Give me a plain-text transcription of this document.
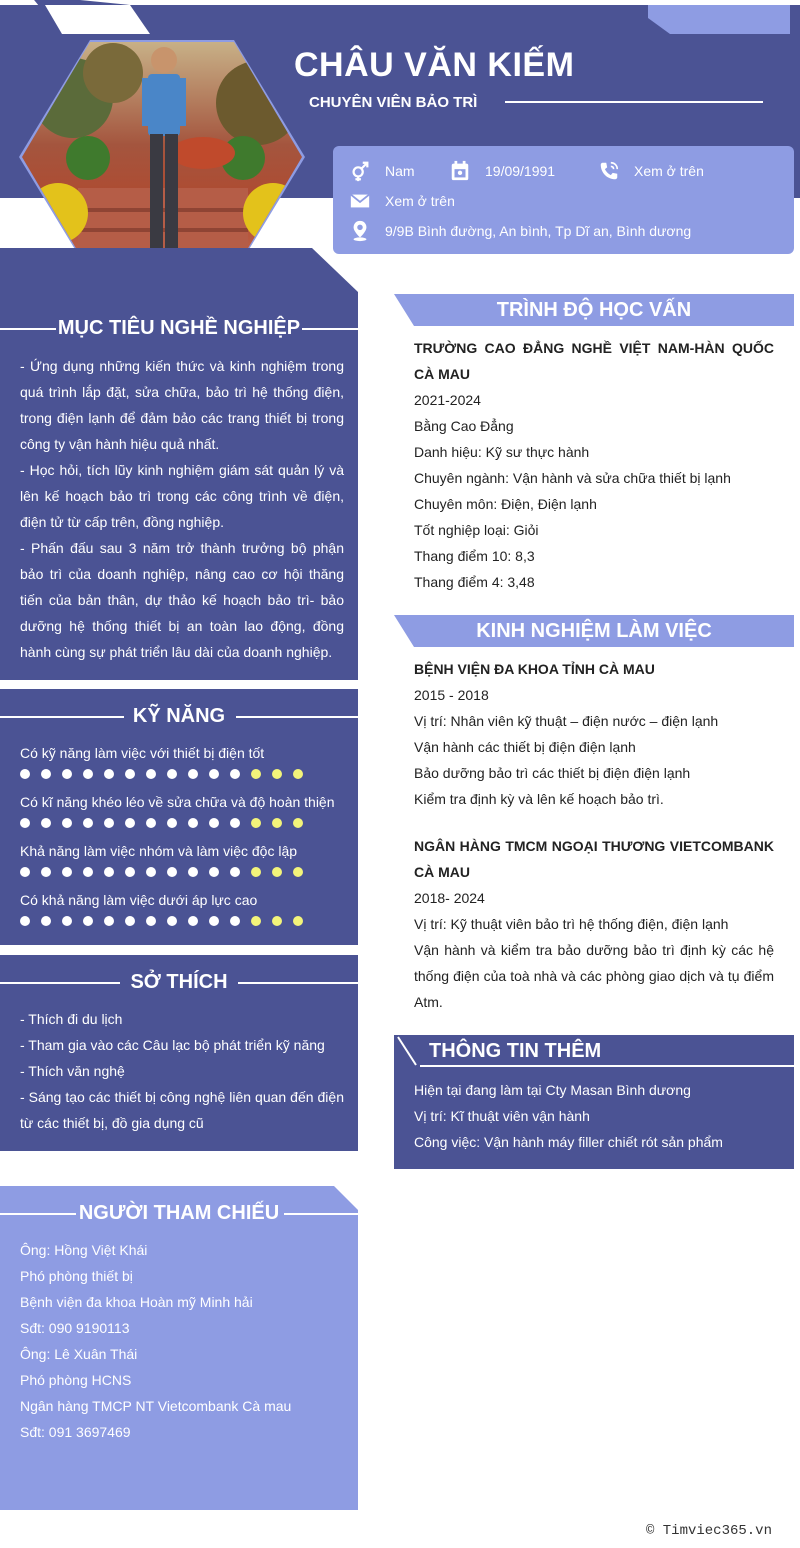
CHÂU VĂN KIẾM
CHUYÊN VIÊN BẢO TRÌ
Nam	19/09/1991	Xem ở trên
Xem ở trên
9/9B Bình đường, An bình, Tp Dĩ an, Bình dương
MỤC TIÊU NGHỀ NGHIỆP

- Ứng dụng những kiến thức và kinh nghiệm trong quá trình lắp đặt, sửa chữa, bảo trì hệ thống điện, trong điện lạnh để đảm bảo các trang thiết bị trong công ty vận hành hiệu quả nhất.

- Học hỏi, tích lũy kinh nghiệm giám sát quản lý và lên kế hoạch bảo trì trong các công trình về điện, điện tử từ cấp trên, đồng nghiệp.

- Phấn đấu sau 3 năm trở thành trưởng bộ phận bảo trì của doanh nghiệp, nâng cao cơ hội thăng tiến của bản thân, dự thảo kế hoạch bảo trì- bảo dưỡng hệ thống thiết bị an toàn lao động, đồng hành cùng sự phát triển lâu dài của doanh nghiệp.

KỸ NĂNG
Có kỹ năng làm việc với thiết bị điện tốt
Có kĩ năng khéo léo về sửa chữa và độ hoàn thiện
Khả năng làm việc nhóm và làm việc độc lập
Có khả năng làm việc dưới áp lực cao
SỞ THÍCH

- Thích đi du lịch

- Tham gia vào các Câu lạc bộ phát triển kỹ năng

- Thích văn nghệ

- Sáng tạo các thiết bị công nghệ liên quan đến điện từ các thiết bị, đồ gia dụng cũ

NGƯỜI THAM CHIẾU

Ông: Hồng Việt Khái

Phó phòng thiết bị

Bệnh viện đa khoa Hoàn mỹ Minh hải

Sđt: 090 9190113

Ông: Lê Xuân Thái

Phó phòng HCNS

Ngân hàng TMCP NT Vietcombank Cà mau

Sđt: 091 3697469

TRÌNH ĐỘ HỌC VẤN

TRƯỜNG CAO ĐẲNG NGHỀ VIỆT NAM-HÀN QUỐC CÀ MAU

2021-2024

Bằng Cao Đẳng

Danh hiệu: Kỹ sư thực hành

Chuyên ngành: Vận hành và sửa chữa thiết bị lạnh

Chuyên môn: Điện, Điện lạnh

Tốt nghiệp loại: Giỏi

Thang điểm 10: 8,3

Thang điểm 4: 3,48

KINH NGHIỆM LÀM VIỆC

BỆNH VIỆN ĐA KHOA TỈNH CÀ MAU

2015 - 2018

Vị trí: Nhân viên kỹ thuật – điện nước – điện lạnh

Vận hành các thiết bị điện điện lạnh

Bảo dưỡng bảo trì các thiết bị điện điện lạnh

Kiểm tra định kỳ và lên kế hoạch bảo trì.

NGÂN HÀNG TMCM NGOẠI THƯƠNG VIETCOMBANK CÀ MAU

2018- 2024

Vị trí: Kỹ thuật viên bảo trì hệ thống điện, điện lạnh

Vận hành và kiểm tra bảo dưỡng bảo trì định kỳ các hệ thống điện của toà nhà và các phòng giao dịch và tụ điểm Atm.

THÔNG TIN THÊM

Hiện tại đang làm tại Cty Masan Bình dương

Vị trí: Kĩ thuật viên vận hành

Công việc: Vận hành máy filler chiết rót sản phẩm

© Timviec365.vn
